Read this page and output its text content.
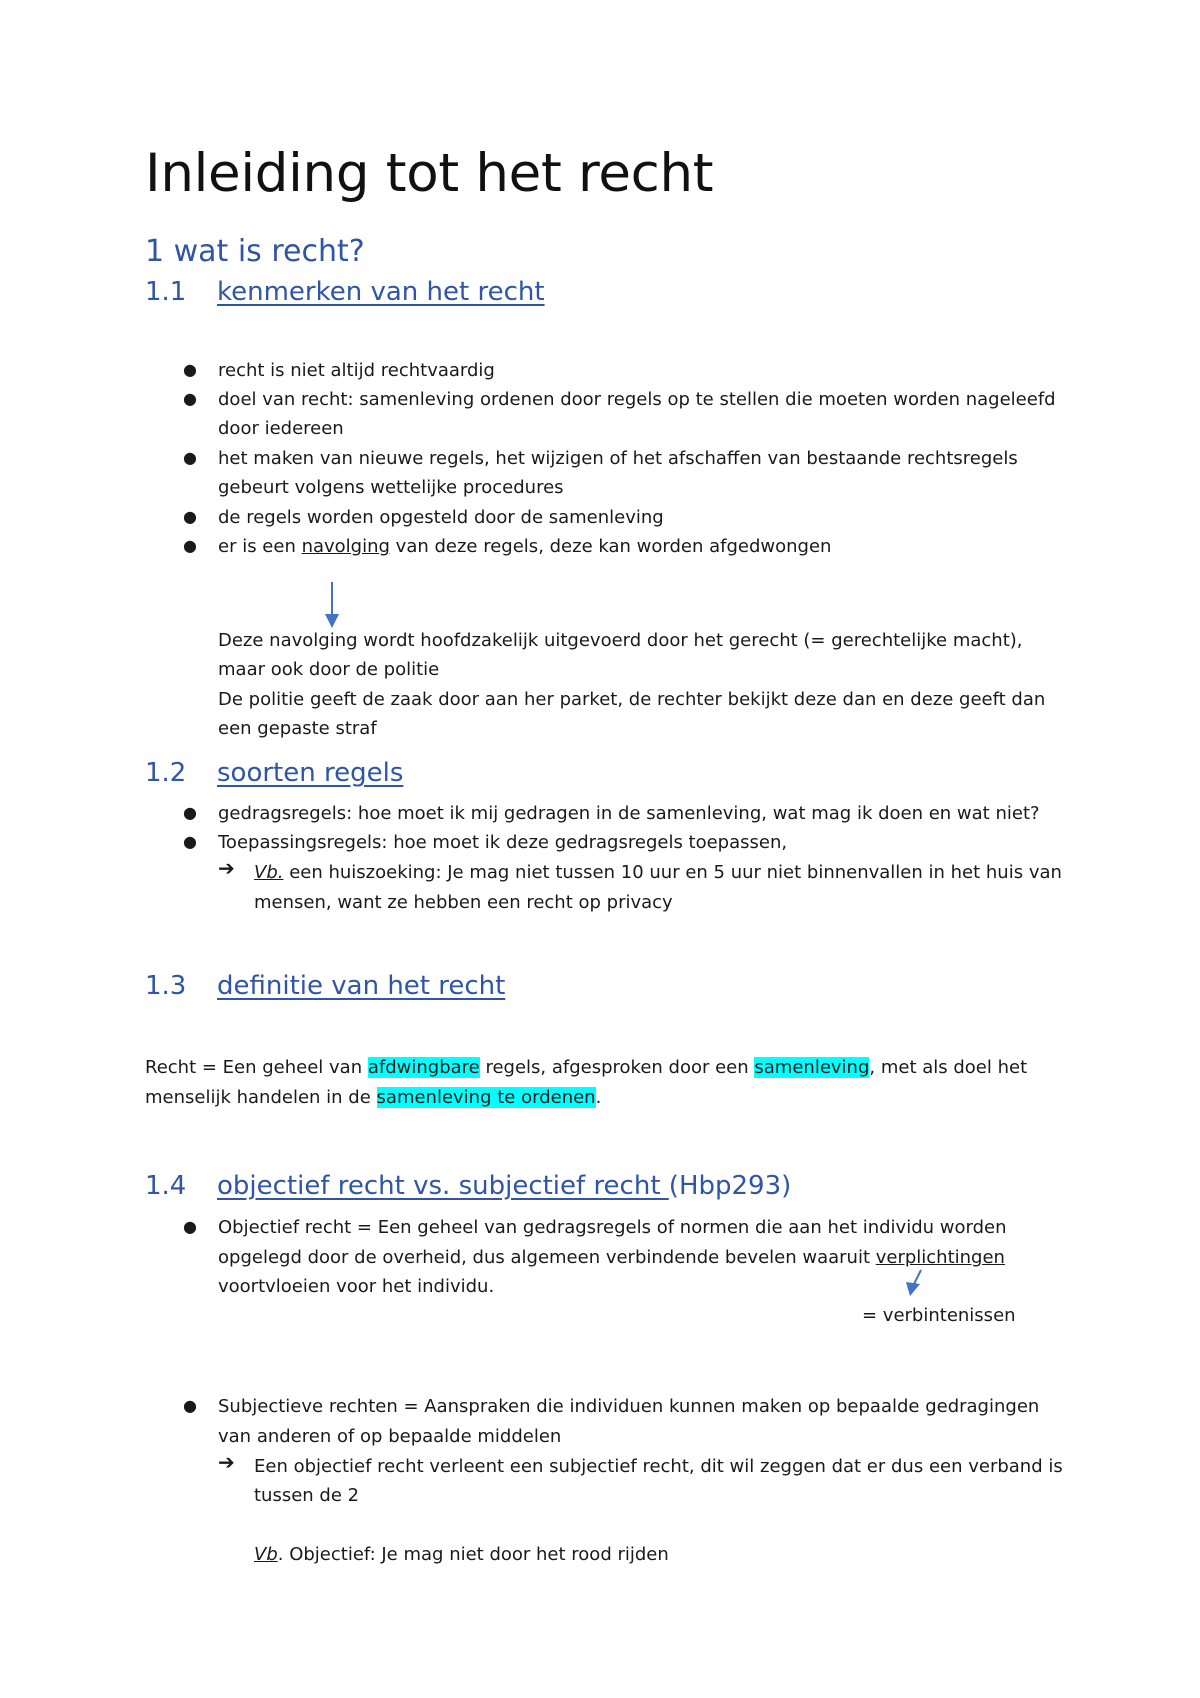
Inleiding tot het recht
1 wat is recht?
1.1 kenmerken van het recht
● recht is niet altijd rechtvaardig
● doel van recht: samenleving ordenen door regels op te stellen die moeten worden nageleefd
door iedereen
● het maken van nieuwe regels, het wijzigen of het afschaffen van bestaande rechtsregels
gebeurt volgens wettelijke procedures
● de regels worden opgesteld door de samenleving
● er is een navolging van deze regels, deze kan worden afgedwongen
Deze navolging wordt hoofdzakelijk uitgevoerd door het gerecht (= gerechtelijke macht),
maar ook door de politie
De politie geeft de zaak door aan her parket, de rechter bekijkt deze dan en deze geeft dan
een gepaste straf
1.2 soorten regels
● gedragsregels: hoe moet ik mij gedragen in de samenleving, wat mag ik doen en wat niet?
● Toepassingsregels: hoe moet ik deze gedragsregels toepassen,
➔ Vb. een huiszoeking: Je mag niet tussen 10 uur en 5 uur niet binnenvallen in het huis van
mensen, want ze hebben een recht op privacy
1.3 definitie van het recht
Recht = Een geheel van afdwingbare regels, afgesproken door een samenleving, met als doel het
menselijk handelen in de samenleving te ordenen.
1.4 objectief recht vs. subjectief recht (Hbp293)
● Objectief recht = Een geheel van gedragsregels of normen die aan het individu worden
opgelegd door de overheid, dus algemeen verbindende bevelen waaruit verplichtingen
voortvloeien voor het individu.
= verbintenissen
● Subjectieve rechten = Aanspraken die individuen kunnen maken op bepaalde gedragingen
van anderen of op bepaalde middelen
➔ Een objectief recht verleent een subjectief recht, dit wil zeggen dat er dus een verband is
tussen de 2
Vb. Objectief: Je mag niet door het rood rijden
